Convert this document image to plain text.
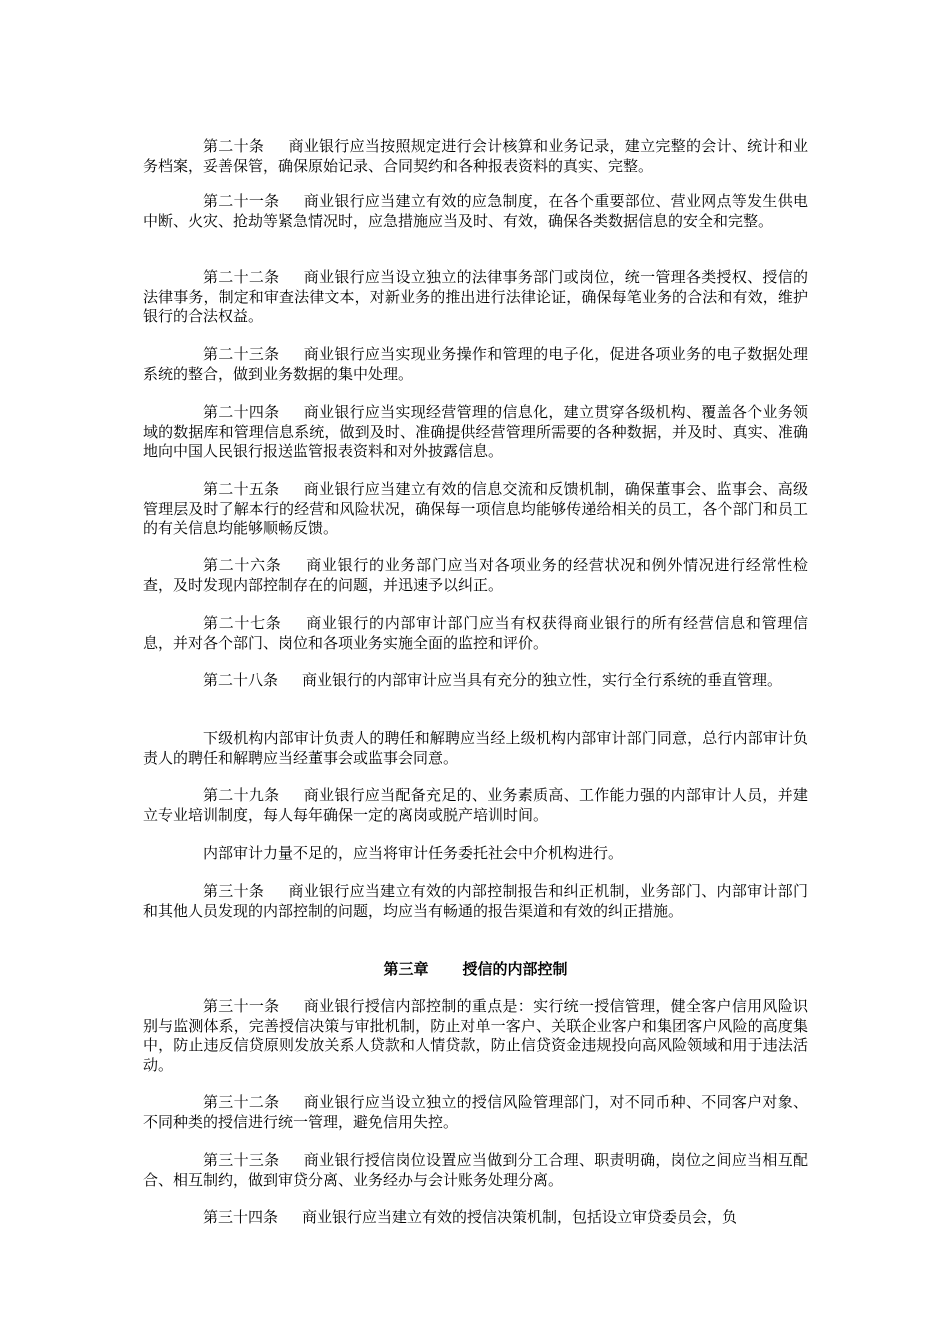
第二十条 商业银行应当按照规定进行会计核算和业务记录，建立完整的会计、统计和业务档案，妥善保管，确保原始记录、合同契约和各种报表资料的真实、完整。
第二十一条 商业银行应当建立有效的应急制度，在各个重要部位、营业网点等发生供电中断、火灾、抢劫等紧急情况时，应急措施应当及时、有效，确保各类数据信息的安全和完整。
第二十二条 商业银行应当设立独立的法律事务部门或岗位，统一管理各类授权、授信的法律事务，制定和审查法律文本，对新业务的推出进行法律论证，确保每笔业务的合法和有效，维护银行的合法权益。
第二十三条 商业银行应当实现业务操作和管理的电子化，促进各项业务的电子数据处理系统的整合，做到业务数据的集中处理。
第二十四条 商业银行应当实现经营管理的信息化，建立贯穿各级机构、覆盖各个业务领域的数据库和管理信息系统，做到及时、准确提供经营管理所需要的各种数据，并及时、真实、准确地向中国人民银行报送监管报表资料和对外披露信息。
第二十五条 商业银行应当建立有效的信息交流和反馈机制，确保董事会、监事会、高级管理层及时了解本行的经营和风险状况，确保每一项信息均能够传递给相关的员工，各个部门和员工的有关信息均能够顺畅反馈。
第二十六条 商业银行的业务部门应当对各项业务的经营状况和例外情况进行经常性检查，及时发现内部控制存在的问题，并迅速予以纠正。
第二十七条 商业银行的内部审计部门应当有权获得商业银行的所有经营信息和管理信息，并对各个部门、岗位和各项业务实施全面的监控和评价。
第二十八条 商业银行的内部审计应当具有充分的独立性，实行全行系统的垂直管理。
下级机构内部审计负责人的聘任和解聘应当经上级机构内部审计部门同意，总行内部审计负责人的聘任和解聘应当经董事会或监事会同意。
第二十九条 商业银行应当配备充足的、业务素质高、工作能力强的内部审计人员，并建立专业培训制度，每人每年确保一定的离岗或脱产培训时间。
内部审计力量不足的，应当将审计任务委托社会中介机构进行。
第三十条 商业银行应当建立有效的内部控制报告和纠正机制，业务部门、内部审计部门和其他人员发现的内部控制的问题，均应当有畅通的报告渠道和有效的纠正措施。
第三章 授信的内部控制
第三十一条 商业银行授信内部控制的重点是：实行统一授信管理，健全客户信用风险识别与监测体系，完善授信决策与审批机制，防止对单一客户、关联企业客户和集团客户风险的高度集中，防止违反信贷原则发放关系人贷款和人情贷款，防止信贷资金违规投向高风险领域和用于违法活动。
第三十二条 商业银行应当设立独立的授信风险管理部门，对不同币种、不同客户对象、不同种类的授信进行统一管理，避免信用失控。
第三十三条 商业银行授信岗位设置应当做到分工合理、职责明确，岗位之间应当相互配合、相互制约，做到审贷分离、业务经办与会计账务处理分离。
第三十四条 商业银行应当建立有效的授信决策机制，包括设立审贷委员会，负
